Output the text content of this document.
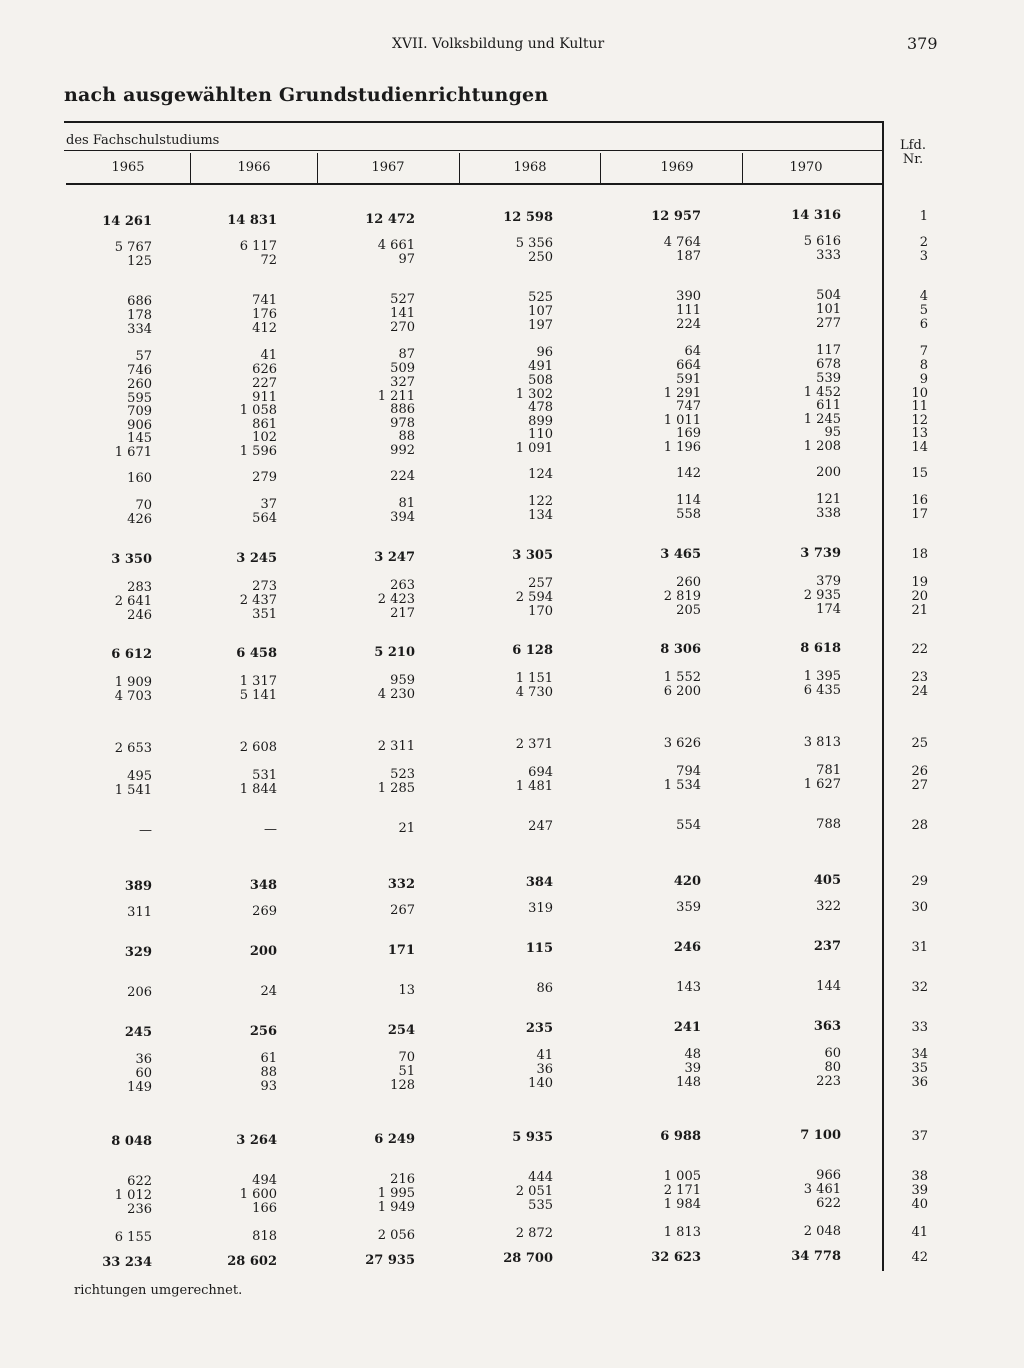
XVII. Volksbildung und Kultur	379
nach ausgewählten Grundstudienrichtungen
des Fachschulstudiums	Lfd.
Nr.
richtungen umgerechnet.
1965	1966	1967	1968	1969	1970
14 261	14 831	12 472	12 598	12 957	14 316	1
5 767	6 117	4 661	5 356	4 764	5 616	2
125	72	97	250	187	333	3
686	741	527	525	390	504	4
178	176	141	107	111	101	5
334	412	270	197	224	277	6
57	41	87	96	64	117	7
746	626	509	491	664	678	8
260	227	327	508	591	539	9
595	911	1 211	1 302	1 291	1 452	10
709	1 058	886	478	747	611	11
906	861	978	899	1 011	1 245	12
145	102	88	110	169	95	13
1 671	1 596	992	1 091	1 196	1 208	14
160	279	224	124	142	200	15
70	37	81	122	114	121	16
426	564	394	134	558	338	17
3 350	3 245	3 247	3 305	3 465	3 739	18
283	273	263	257	260	379	19
2 641	2 437	2 423	2 594	2 819	2 935	20
246	351	217	170	205	174	21
6 612	6 458	5 210	6 128	8 306	8 618	22
1 909	1 317	959	1 151	1 552	1 395	23
4 703	5 141	4 230	4 730	6 200	6 435	24
2 653	2 608	2 311	2 371	3 626	3 813	25
495	531	523	694	794	781	26
1 541	1 844	1 285	1 481	1 534	1 627	27
—	—	21	247	554	788	28
389	348	332	384	420	405	29
311	269	267	319	359	322	30
329	200	171	115	246	237	31
206	24	13	86	143	144	32
245	256	254	235	241	363	33
36	61	70	41	48	60	34
60	88	51	36	39	80	35
149	93	128	140	148	223	36
8 048	3 264	6 249	5 935	6 988	7 100	37
622	494	216	444	1 005	966	38
1 012	1 600	1 995	2 051	2 171	3 461	39
236	166	1 949	535	1 984	622	40
6 155	818	2 056	2 872	1 813	2 048	41
33 234	28 602	27 935	28 700	32 623	34 778	42
